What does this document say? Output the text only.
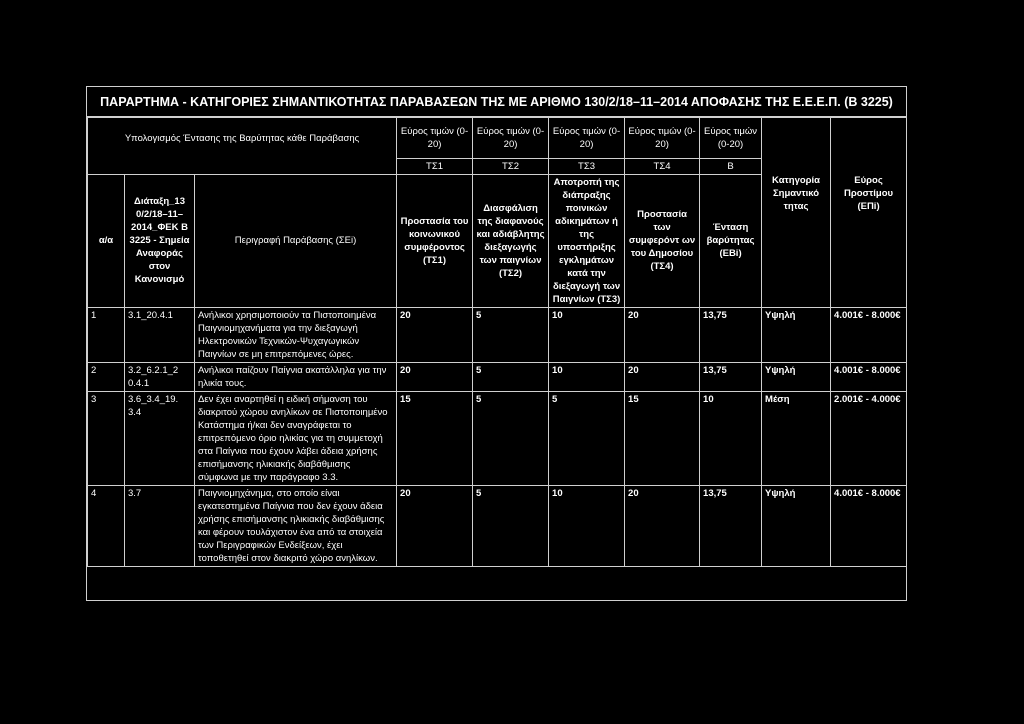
ΠΑΡΑΡΤΗΜΑ - ΚΑΤΗΓΟΡΙΕΣ ΣΗΜΑΝΤΙΚΟΤΗΤΑΣ ΠΑΡΑΒΑΣΕΩΝ ΤΗΣ ΜΕ ΑΡΙΘΜΟ 130/2/18–11–2014 ΑΠΟΦΑΣΗΣ ΤΗΣ Ε.Ε.Ε.Π. (Β 3225)
Υπολογισμός Έντασης της Βαρύτητας κάθε Παράβασης			Εύρος τιμών (0-20)	Εύρος τιμών (0-20)	Εύρος τιμών (0-20)	Εύρος τιμών (0-20)	Εύρος τιμών (0-20)		
			ΤΣ1	ΤΣ2	ΤΣ3	ΤΣ4	Β		
α/α	Διάταξη_13 0/2/18–11– 2014_ΦΕΚ Β 3225 - Σημεία Αναφοράς στον Κανονισμό	Περιγραφή Παράβασης (ΣΕi)	Προστασία του κοινωνικού συμφέροντος (ΤΣ1)	Διασφάλιση της διαφανούς και αδιάβλητης διεξαγωγής των παιγνίων (ΤΣ2)	Αποτροπή της διάπραξης ποινικών αδικημάτων ή της υποστήριξης εγκλημάτων κατά την διεξαγωγή των Παιγνίων (ΤΣ3)	Προστασία των συμφερόντ ων του Δημοσίου (ΤΣ4)	Ένταση βαρύτητας (ΕΒi)	Κατηγορία Σημαντικό τητας	Εύρος Προστίμου (ΕΠi)
1	3.1_20.4.1	Ανήλικοι χρησιμοποιούν τα Πιστοποιημένα Παιγνιομηχανήματα για την διεξαγωγή Ηλεκτρονικών Τεχνικών-Ψυχαγωγικών Παιγνίων σε μη επιτρεπόμενες ώρες.	20	5	10	20	13,75	Υψηλή	4.001€ - 8.000€
2	3.2_6.2.1_2 0.4.1	Ανήλικοι παίζουν Παίγνια ακατάλληλα για την ηλικία τους.	20	5	10	20	13,75	Υψηλή	4.001€ - 8.000€
3	3.6_3.4_19. 3.4	Δεν έχει αναρτηθεί η ειδική σήμανση του διακριτού χώρου ανηλίκων σε Πιστοποιημένο Κατάστημα ή/και δεν αναγράφεται το επιτρεπόμενο όριο ηλικίας για τη συμμετοχή στα Παίγνια που έχουν λάβει άδεια χρήσης επισήμανσης ηλικιακής διαβάθμισης σύμφωνα με την παράγραφο 3.3.	15	5	5	15	10	Μέση	2.001€ - 4.000€
4	3.7	Παιγνιομηχάνημα, στο οποίο είναι εγκατεστημένα Παίγνια που δεν έχουν άδεια χρήσης επισήμανσης ηλικιακής διαβάθμισης και φέρουν τουλάχιστον ένα από τα στοιχεία των Περιγραφικών Ενδείξεων, έχει τοποθετηθεί στον διακριτό χώρο ανηλίκων.	20	5	10	20	13,75	Υψηλή	4.001€ - 8.000€
